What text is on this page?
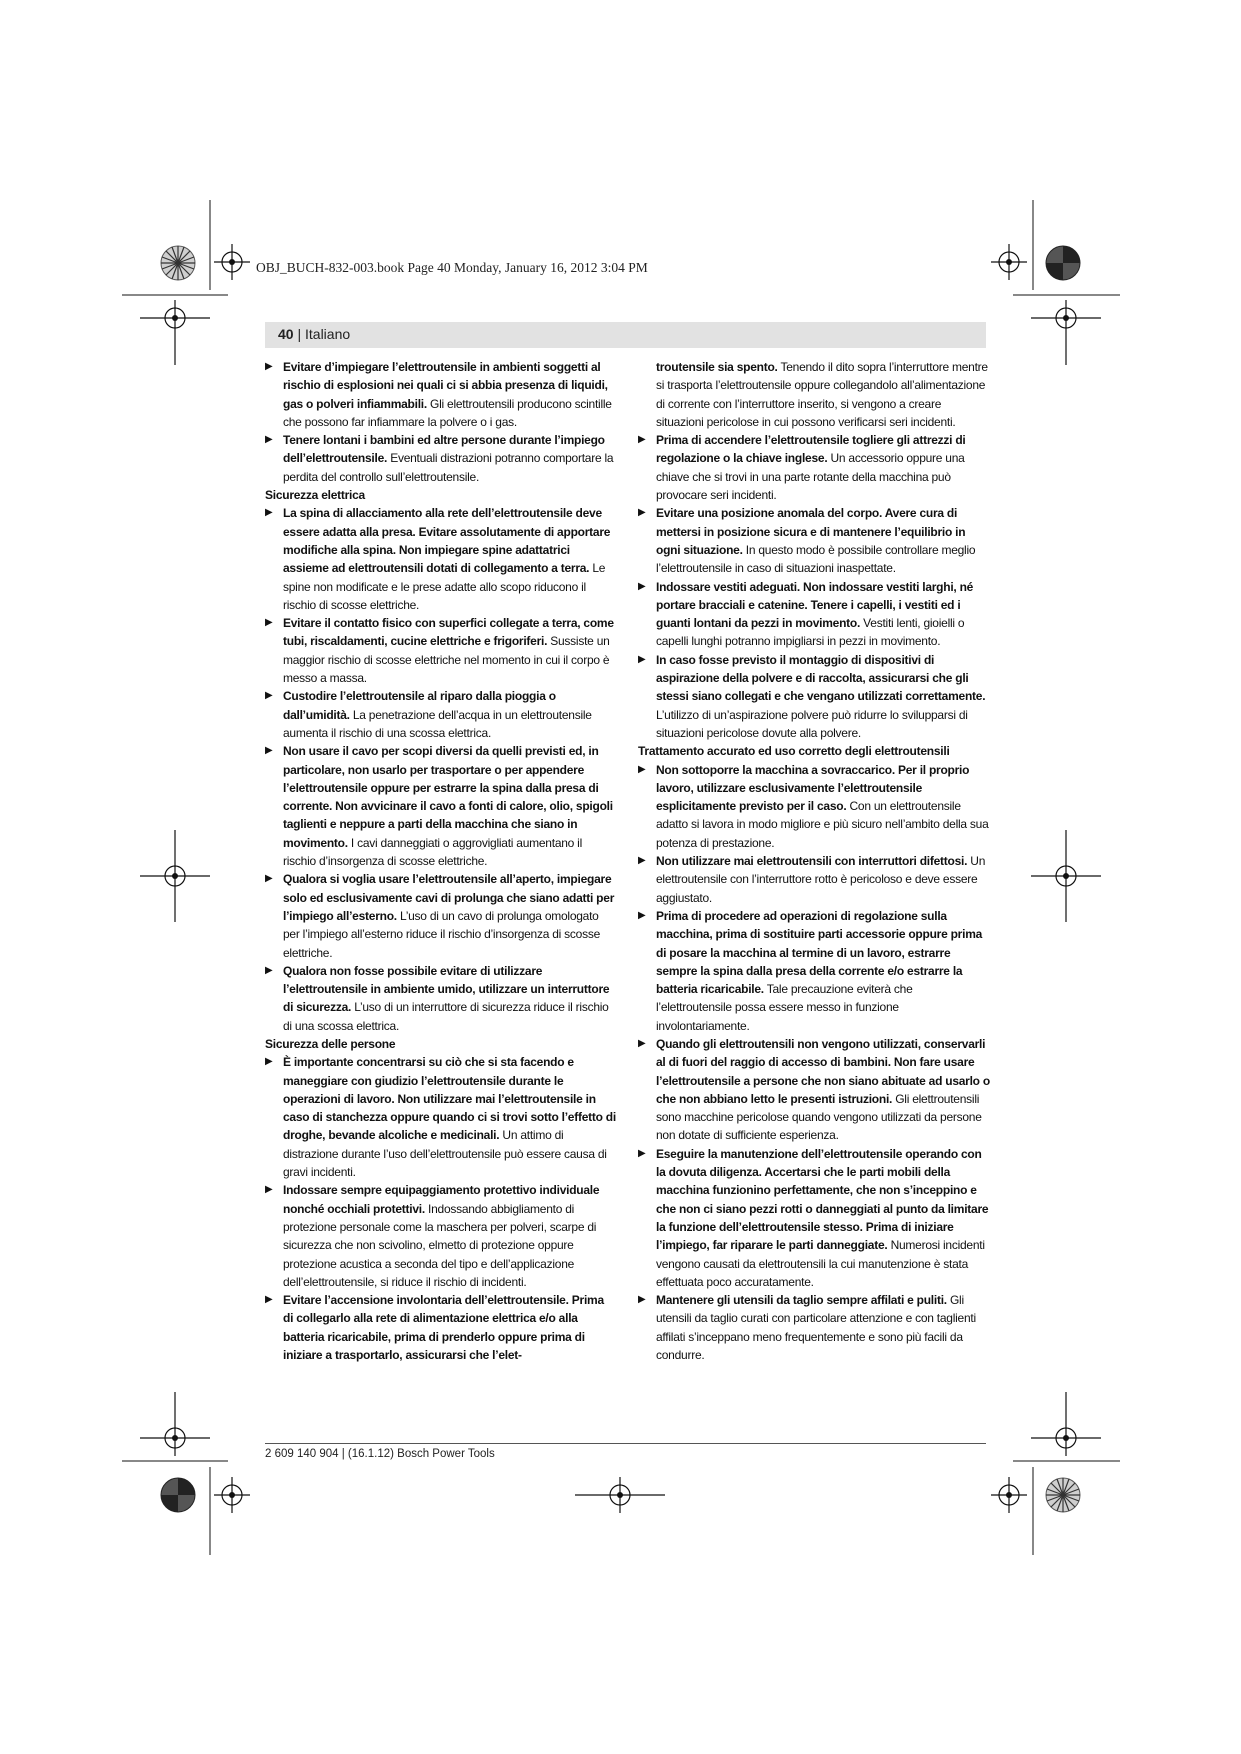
OBJ_BUCH-832-003.book Page 40 Monday, January 16, 2012 3:04 PM
40 | Italiano
▶ Evitare d’impiegare l’elettroutensile in ambienti soggetti al rischio di esplosioni nei quali ci si abbia presenza di liquidi, gas o polveri infiammabili. Gli elettroutensili producono scintille che possono far infiammare la polvere o i gas.
▶ Tenere lontani i bambini ed altre persone durante l’impiego dell’elettroutensile. Eventuali distrazioni potranno comportare la perdita del controllo sull’elettroutensile.
Sicurezza elettrica
▶ La spina di allacciamento alla rete dell’elettroutensile deve essere adatta alla presa. Evitare assolutamente di apportare modifiche alla spina. Non impiegare spine adattatrici assieme ad elettroutensili dotati di collegamento a terra. Le spine non modificate e le prese adatte allo scopo riducono il rischio di scosse elettriche.
▶ Evitare il contatto fisico con superfici collegate a terra, come tubi, riscaldamenti, cucine elettriche e frigoriferi. Sussiste un maggior rischio di scosse elettriche nel momento in cui il corpo è messo a massa.
▶ Custodire l’elettroutensile al riparo dalla pioggia o dall’umidità. La penetrazione dell’acqua in un elettroutensile aumenta il rischio di una scossa elettrica.
▶ Non usare il cavo per scopi diversi da quelli previsti ed, in particolare, non usarlo per trasportare o per appendere l’elettroutensile oppure per estrarre la spina dalla presa di corrente. Non avvicinare il cavo a fonti di calore, olio, spigoli taglienti e neppure a parti della macchina che siano in movimento. I cavi danneggiati o aggrovigliati aumentano il rischio d’insorgenza di scosse elettriche.
▶ Qualora si voglia usare l’elettroutensile all’aperto, impiegare solo ed esclusivamente cavi di prolunga che siano adatti per l’impiego all’esterno. L’uso di un cavo di prolunga omologato per l’impiego all’esterno riduce il rischio d’insorgenza di scosse elettriche.
▶ Qualora non fosse possibile evitare di utilizzare l’elettroutensile in ambiente umido, utilizzare un interruttore di sicurezza. L’uso di un interruttore di sicurezza riduce il rischio di una scossa elettrica.
Sicurezza delle persone
▶ È importante concentrarsi su ciò che si sta facendo e maneggiare con giudizio l’elettroutensile durante le operazioni di lavoro. Non utilizzare mai l’elettroutensile in caso di stanchezza oppure quando ci si trovi sotto l’effetto di droghe, bevande alcoliche e medicinali. Un attimo di distrazione durante l’uso dell’elettroutensile può essere causa di gravi incidenti.
▶ Indossare sempre equipaggiamento protettivo individuale nonché occhiali protettivi. Indossando abbigliamento di protezione personale come la maschera per polveri, scarpe di sicurezza che non scivolino, elmetto di protezione oppure protezione acustica a seconda del tipo e dell’applicazione dell’elettroutensile, si riduce il rischio di incidenti.
▶ Evitare l’accensione involontaria dell’elettroutensile. Prima di collegarlo alla rete di alimentazione elettrica e/o alla batteria ricaricabile, prima di prenderlo oppure prima di iniziare a trasportarlo, assicurarsi che l’elet-
troutensile sia spento. Tenendo il dito sopra l’interruttore mentre si trasporta l’elettroutensile oppure collegandolo all’alimentazione di corrente con l’interruttore inserito, si vengono a creare situazioni pericolose in cui possono verificarsi seri incidenti.
▶ Prima di accendere l’elettroutensile togliere gli attrezzi di regolazione o la chiave inglese. Un accessorio oppure una chiave che si trovi in una parte rotante della macchina può provocare seri incidenti.
▶ Evitare una posizione anomala del corpo. Avere cura di mettersi in posizione sicura e di mantenere l’equilibrio in ogni situazione. In questo modo è possibile controllare meglio l’elettroutensile in caso di situazioni inaspettate.
▶ Indossare vestiti adeguati. Non indossare vestiti larghi, né portare bracciali e catenine. Tenere i capelli, i vestiti ed i guanti lontani da pezzi in movimento. Vestiti lenti, gioielli o capelli lunghi potranno impigliarsi in pezzi in movimento.
▶ In caso fosse previsto il montaggio di dispositivi di aspirazione della polvere e di raccolta, assicurarsi che gli stessi siano collegati e che vengano utilizzati correttamente. L’utilizzo di un’aspirazione polvere può ridurre lo svilupparsi di situazioni pericolose dovute alla polvere.
Trattamento accurato ed uso corretto degli elettroutensili
▶ Non sottoporre la macchina a sovraccarico. Per il proprio lavoro, utilizzare esclusivamente l’elettroutensile esplicitamente previsto per il caso. Con un elettroutensile adatto si lavora in modo migliore e più sicuro nell’ambito della sua potenza di prestazione.
▶ Non utilizzare mai elettroutensili con interruttori difettosi. Un elettroutensile con l’interruttore rotto è pericoloso e deve essere aggiustato.
▶ Prima di procedere ad operazioni di regolazione sulla macchina, prima di sostituire parti accessorie oppure prima di posare la macchina al termine di un lavoro, estrarre sempre la spina dalla presa della corrente e/o estrarre la batteria ricaricabile. Tale precauzione eviterà che l’elettroutensile possa essere messo in funzione involontariamente.
▶ Quando gli elettroutensili non vengono utilizzati, conservarli al di fuori del raggio di accesso di bambini. Non fare usare l’elettroutensile a persone che non siano abituate ad usarlo o che non abbiano letto le presenti istruzioni. Gli elettroutensili sono macchine pericolose quando vengono utilizzati da persone non dotate di sufficiente esperienza.
▶ Eseguire la manutenzione dell’elettroutensile operando con la dovuta diligenza. Accertarsi che le parti mobili della macchina funzionino perfettamente, che non s’inceppino e che non ci siano pezzi rotti o danneggiati al punto da limitare la funzione dell’elettroutensile stesso. Prima di iniziare l’impiego, far riparare le parti danneggiate. Numerosi incidenti vengono causati da elettroutensili la cui manutenzione è stata effettuata poco accuratamente.
▶ Mantenere gli utensili da taglio sempre affilati e puliti. Gli utensili da taglio curati con particolare attenzione e con taglienti affilati s’inceppano meno frequentemente e sono più facili da condurre.
2 609 140 904 | (16.1.12) Bosch Power Tools
